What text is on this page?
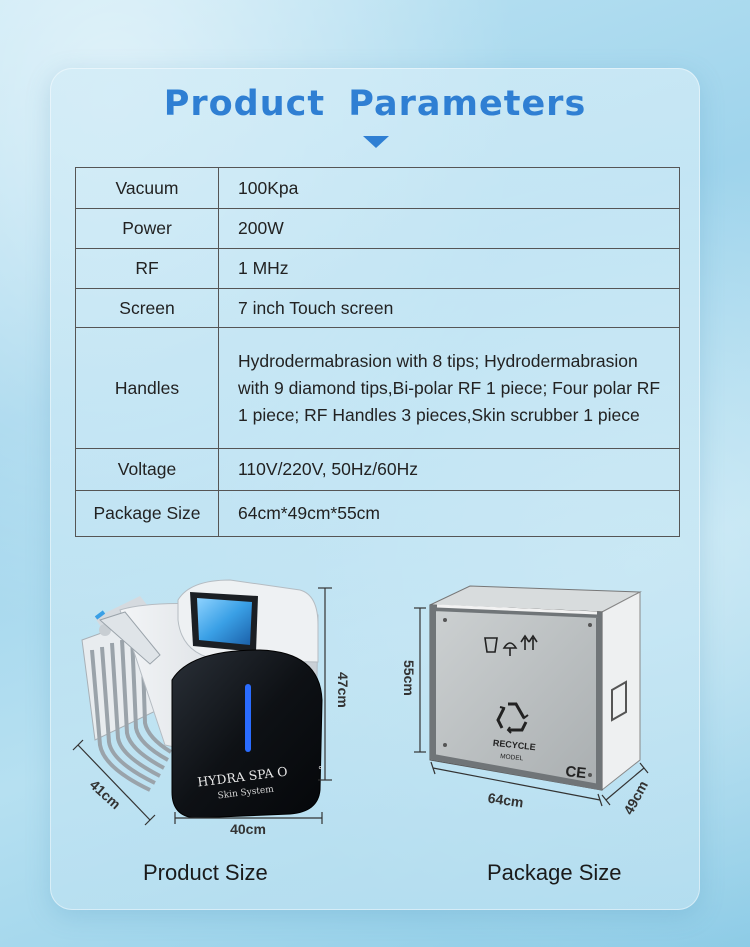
Product Parameters
Vacuum	100Kpa
Power	200W
RF	1 MHz
Screen	7 inch Touch screen
Handles	Hydrodermabrasion with 8 tips; Hydrodermabrasion with 9 diamond tips,Bi-polar RF 1 piece; Four polar RF 1 piece; RF Handles 3 pieces,Skin scrubber 1 piece
Voltage	110V/220V, 50Hz/60Hz
Package Size	64cm*49cm*55cm
HYDRA SPA O	°
Skin System
47cm
40cm
41cm
RECYCLE
MODEL
CE
55cm
64cm	49cm
Product Size	Package Size
